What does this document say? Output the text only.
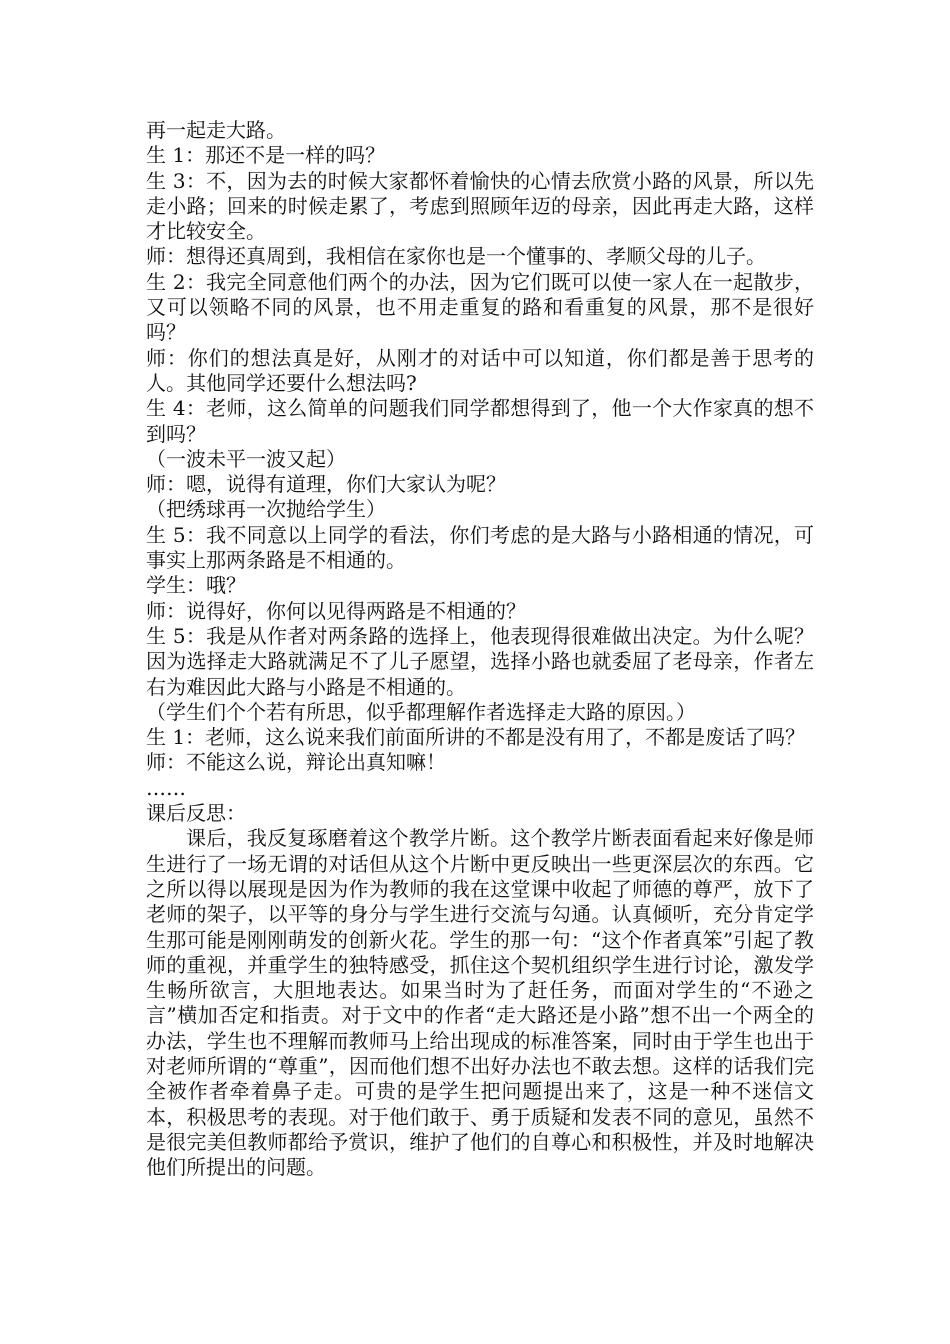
再一起走大路。

生 1：那还不是一样的吗？

生 3：不，因为去的时候大家都怀着愉快的心情去欣赏小路的风景，所以先走小路；回来的时候走累了，考虑到照顾年迈的母亲，因此再走大路，这样才比较安全。

师：想得还真周到，我相信在家你也是一个懂事的、孝顺父母的儿子。

生 2：我完全同意他们两个的办法，因为它们既可以使一家人在一起散步，又可以领略不同的风景，也不用走重复的路和看重复的风景，那不是很好吗？

师：你们的想法真是好，从刚才的对话中可以知道，你们都是善于思考的人。其他同学还要什么想法吗?

生 4：老师，这么简单的问题我们同学都想得到了，他一个大作家真的想不到吗？

（一波未平一波又起）

师：嗯，说得有道理，你们大家认为呢？

（把绣球再一次抛给学生）

生 5：我不同意以上同学的看法，你们考虑的是大路与小路相通的情况，可事实上那两条路是不相通的。

学生：哦？

师：说得好，你何以见得两路是不相通的？

生 5：我是从作者对两条路的选择上，他表现得很难做出决定。为什么呢？因为选择走大路就满足不了儿子愿望，选择小路也就委屈了老母亲，作者左右为难因此大路与小路是不相通的。

（学生们个个若有所思，似乎都理解作者选择走大路的原因。）

生 1：老师，这么说来我们前面所讲的不都是没有用了，不都是废话了吗？

师：不能这么说，辩论出真知嘛！

……

课后反思：

课后，我反复琢磨着这个教学片断。这个教学片断表面看起来好像是师生进行了一场无谓的对话但从这个片断中更反映出一些更深层次的东西。它之所以得以展现是因为作为教师的我在这堂课中收起了师德的尊严，放下了老师的架子，以平等的身分与学生进行交流与勾通。认真倾听，充分肯定学生那可能是刚刚萌发的创新火花。学生的那一句：“这个作者真笨”引起了教师的重视，并重学生的独特感受，抓住这个契机组织学生进行讨论，激发学生畅所欲言，大胆地表达。如果当时为了赶任务，而面对学生的“不逊之言”横加否定和指责。对于文中的作者“走大路还是小路”想不出一个两全的办法，学生也不理解而教师马上给出现成的标准答案，同时由于学生也出于对老师所谓的“尊重”，因而他们想不出好办法也不敢去想。这样的话我们完全被作者牵着鼻子走。可贵的是学生把问题提出来了，这是一种不迷信文本，积极思考的表现。对于他们敢于、勇于质疑和发表不同的意见，虽然不是很完美但教师都给予赏识，维护了他们的自尊心和积极性，并及时地解决他们所提出的问题。
